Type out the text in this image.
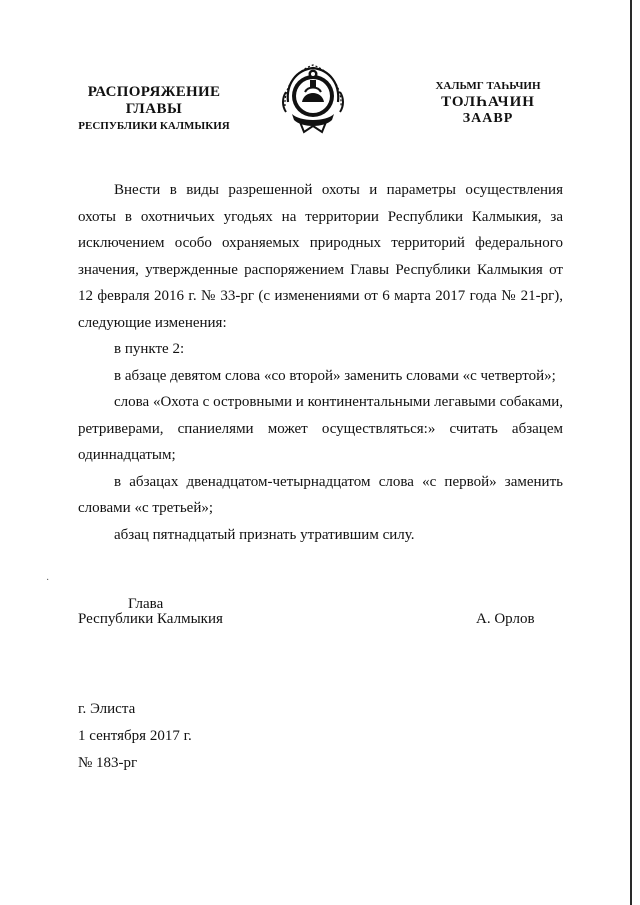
РАСПОРЯЖЕНИЕ
ГЛАВЫ
РЕСПУБЛИКИ КАЛМЫКИЯ
ХАЛЬМГ ТАҺЬЧИН
ТОЛҺАЧИН
ЗААВР

Внести в виды разрешенной охоты и параметры осуществления охоты в охотничьих угодьях на территории Республики Калмыкия, за исключением особо охраняемых природных территорий федерального значения, утвержденные распоряжением Главы Республики Калмыкия от 12 февраля 2016 г. № 33-рг (с изменениями от 6 марта 2017 года № 21-рг), следующие изменения:

в пункте 2:

в абзаце девятом слова «со второй» заменить словами «с четвертой»;

слова «Охота с островными и континентальными легавыми собаками, ретриверами, спаниелями может осуществляться:» считать абзацем одиннадцатым;

в абзацах двенадцатом-четырнадцатом слова «с первой» заменить словами «с третьей»;

абзац пятнадцатый признать утратившим силу.

·
Глава
Республики Калмыкия	А. Орлов
г. Элиста
1 сентября 2017 г.
№ 183-рг
